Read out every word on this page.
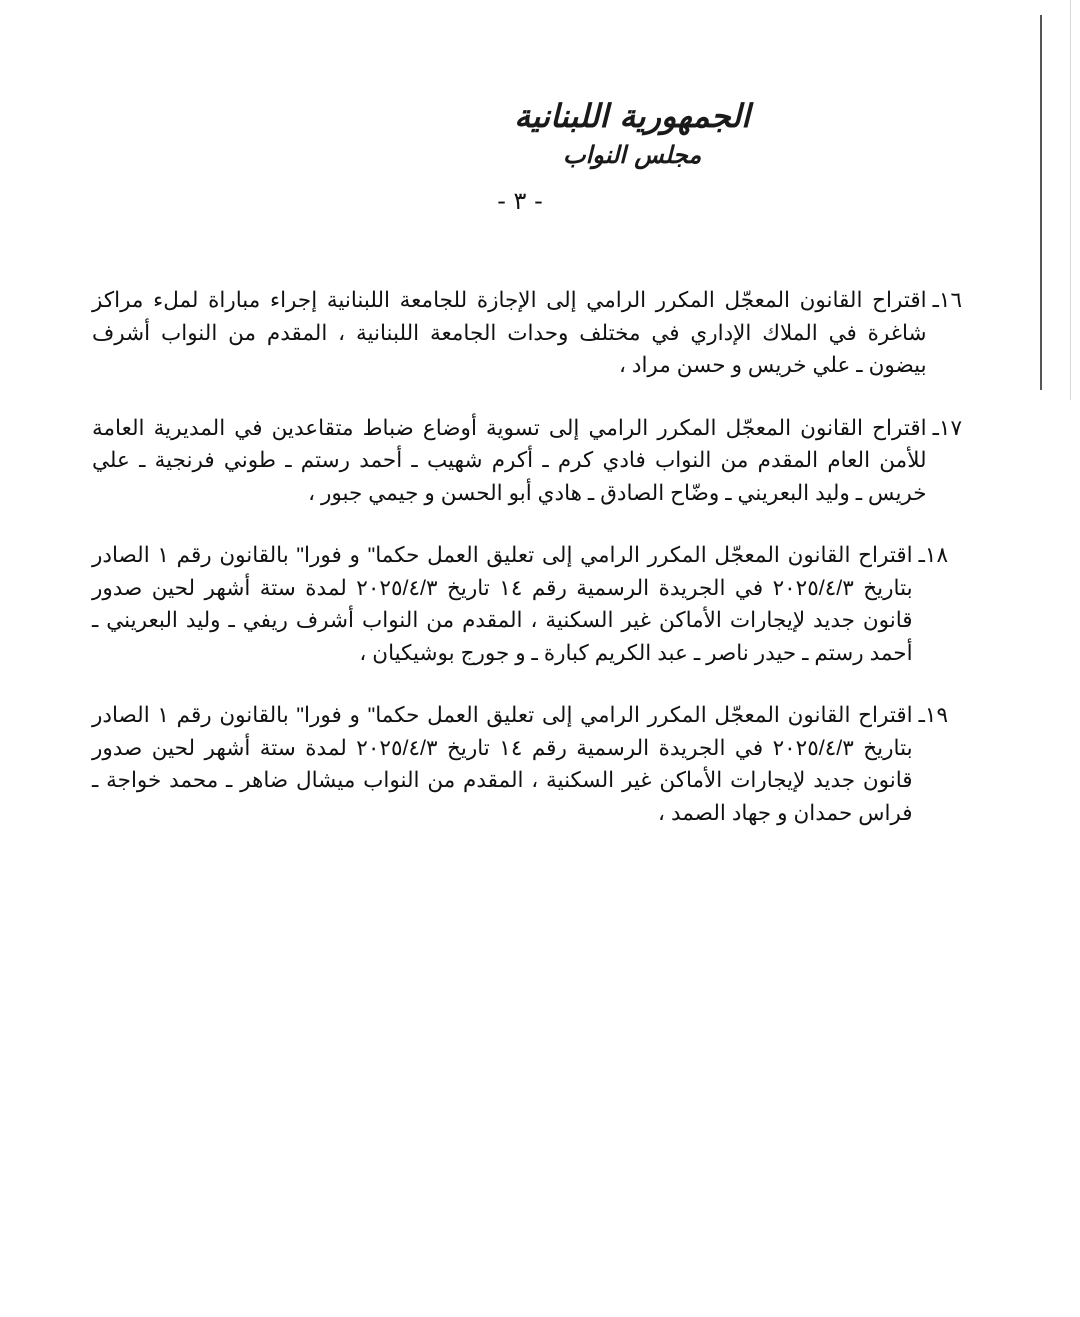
الجمهورية اللبنانية
مجلس النواب
- ٣ -
١٦ـ
اقتراح القانون المعجّل المكرر الرامي إلى الإجازة للجامعة اللبنانية إجراء مباراة لملء مراكز شاغرة في الملاك الإداري في مختلف وحدات الجامعة اللبنانية ، المقدم من النواب أشرف بيضون ـ علي خريس و حسن مراد ،
١٧ـ
اقتراح القانون المعجّل المكرر الرامي إلى تسوية أوضاع ضباط متقاعدين في المديرية العامة للأمن العام المقدم من النواب فادي كرم ـ أكرم شهيب ـ أحمد رستم ـ طوني فرنجية ـ علي خريس ـ وليد البعريني ـ وضّاح الصادق ـ هادي أبو الحسن و جيمي جبور ،
١٨ـ
اقتراح القانون المعجّل المكرر الرامي إلى تعليق العمل حكما" و فورا" بالقانون رقم ١ الصادر بتاريخ ٢٠٢٥/٤/٣ في الجريدة الرسمية رقم ١٤ تاريخ ٢٠٢٥/٤/٣ لمدة ستة أشهر لحين صدور قانون جديد لإيجارات الأماكن غير السكنية ، المقدم من النواب أشرف ريفي ـ وليد البعريني ـ أحمد رستم ـ حيدر ناصر ـ عبد الكريم كبارة ـ و جورج بوشيكيان ،
١٩ـ
اقتراح القانون المعجّل المكرر الرامي إلى تعليق العمل حكما" و فورا" بالقانون رقم ١ الصادر بتاريخ ٢٠٢٥/٤/٣ في الجريدة الرسمية رقم ١٤ تاريخ ٢٠٢٥/٤/٣ لمدة ستة أشهر لحين صدور قانون جديد لإيجارات الأماكن غير السكنية ، المقدم من النواب ميشال ضاهر ـ محمد خواجة ـ فراس حمدان و جهاد الصمد ،
